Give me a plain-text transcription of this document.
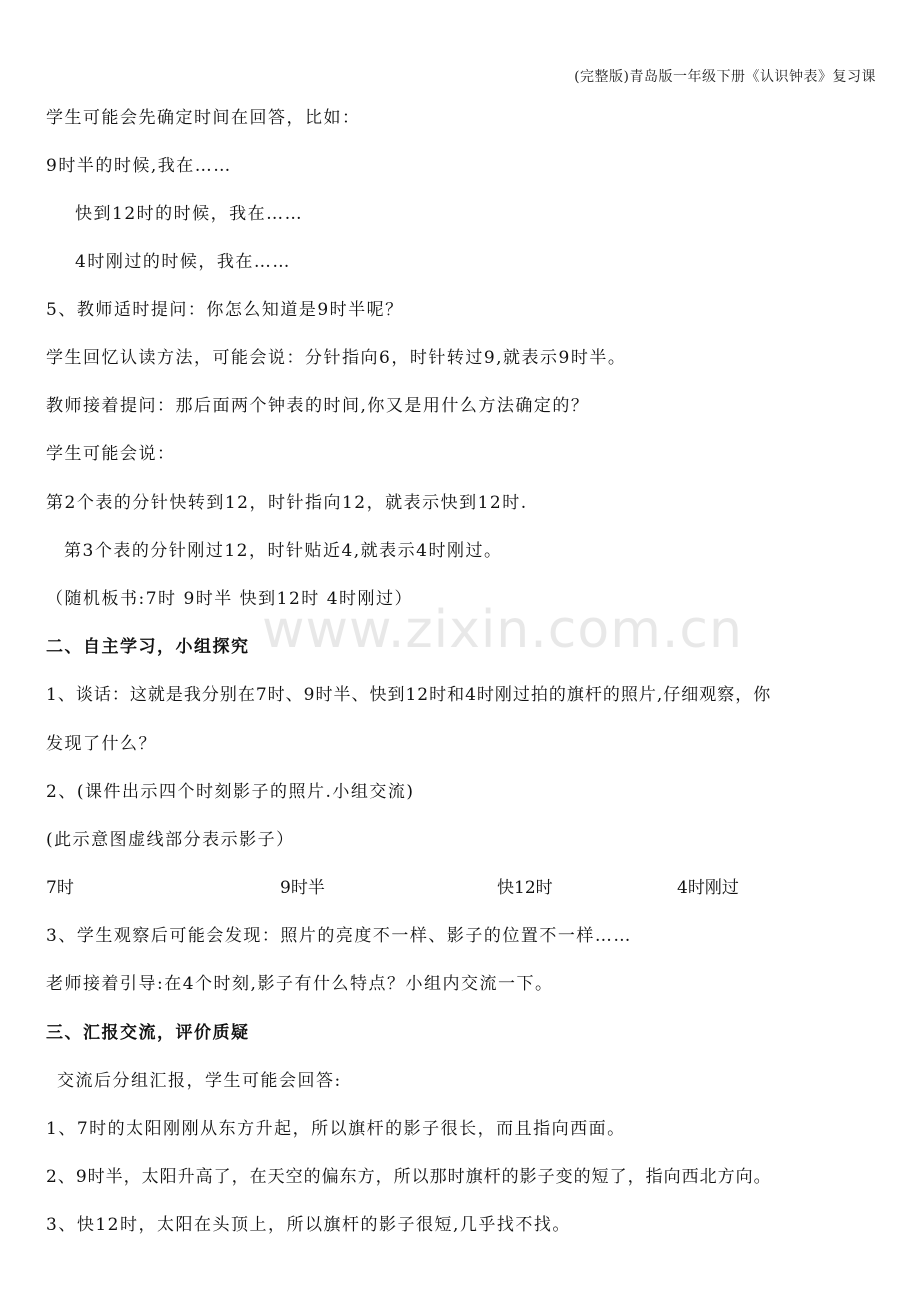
(完整版)青岛版一年级下册《认识钟表》复习课
www.zixin.com.cn
学生可能会先确定时间在回答，比如：
9时半的时候,我在……
快到12时的时候，我在……
4时刚过的时候，我在……
5、教师适时提问：你怎么知道是9时半呢？
学生回忆认读方法，可能会说：分针指向6，时针转过9,就表示9时半。
教师接着提问：那后面两个钟表的时间,你又是用什么方法确定的？
学生可能会说：
第2个表的分针快转到12，时针指向12，就表示快到12时.
第3个表的分针刚过12，时针贴近4,就表示4时刚过。
（随机板书:7时 9时半 快到12时 4时刚过）
二、自主学习，小组探究
1、谈话：这就是我分别在7时、9时半、快到12时和4时刚过拍的旗杆的照片,仔细观察，你
发现了什么？
2、(课件出示四个时刻影子的照片.小组交流)
(此示意图虚线部分表示影子）
7时	9时半	快12时	4时刚过
3、学生观察后可能会发现：照片的亮度不一样、影子的位置不一样……
老师接着引导:在4个时刻,影子有什么特点？小组内交流一下。
三、汇报交流，评价质疑
交流后分组汇报，学生可能会回答:
1、7时的太阳刚刚从东方升起，所以旗杆的影子很长，而且指向西面。
2、9时半，太阳升高了，在天空的偏东方，所以那时旗杆的影子变的短了，指向西北方向。
3、快12时，太阳在头顶上，所以旗杆的影子很短,几乎找不找。
